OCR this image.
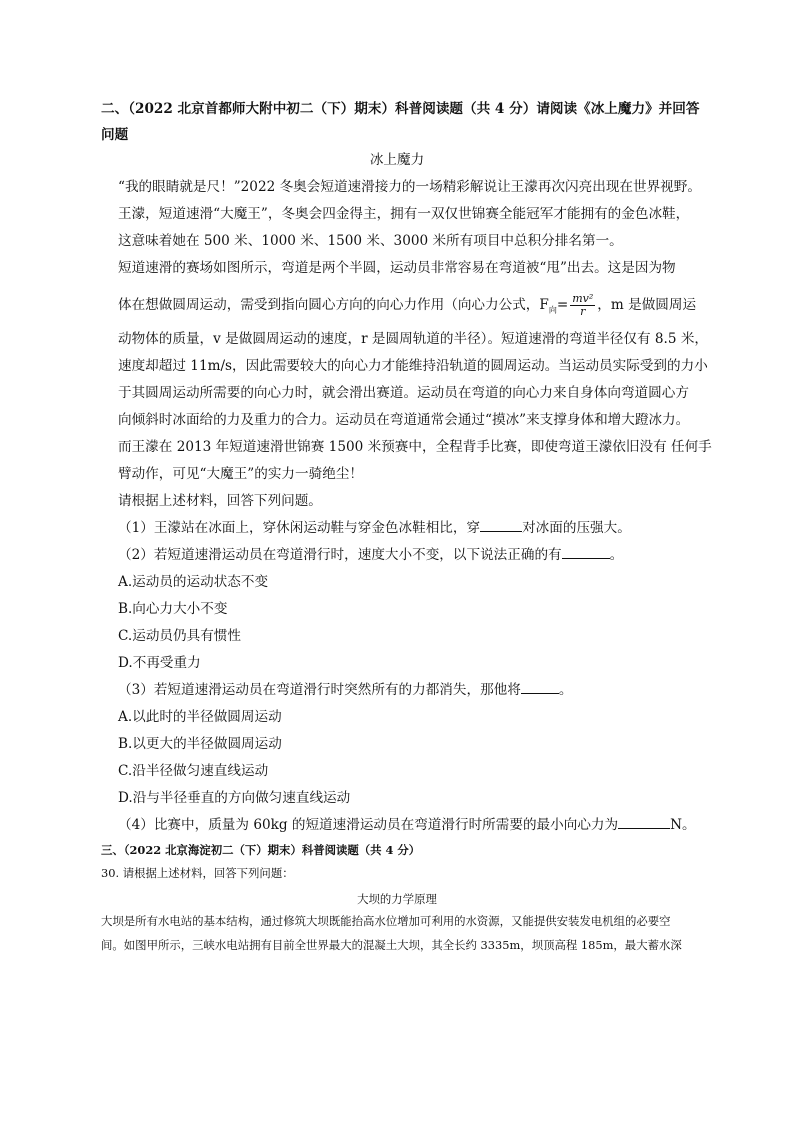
二、（2022 北京首都师大附中初二（下）期末）科普阅读题（共 4 分）请阅读《冰上魔力》并回答
问题
冰上魔力
“我的眼睛就是尺！”2022 冬奥会短道速滑接力的一场精彩解说让王濛再次闪亮出现在世界视野。
王濛，短道速滑“大魔王”，冬奥会四金得主，拥有一双仅世锦赛全能冠军才能拥有的金色冰鞋，
这意味着她在 500 米、1000 米、1500 米、3000 米所有项目中总积分排名第一。
短道速滑的赛场如图所示，弯道是两个半圆，运动员非常容易在弯道被“甩”出去。这是因为物
体在想做圆周运动，需受到指向圆心方向的向心力作用（向心力公式，$F_向= \frac{\text{mv²}}{r}$ ，m 是做圆周运
动物体的质量，v 是做圆周运动的速度，r 是圆周轨道的半径）。短道速滑的弯道半径仅有 8.5 米，
速度却超过 11m/s，因此需要较大的向心力才能维持沿轨道的圆周运动。当运动员实际受到的力小
于其圆周运动所需要的向心力时，就会滑出赛道。运动员在弯道的向心力来自身体向弯道圆心方
向倾斜时冰面给的力及重力的合力。运动员在弯道通常会通过“摸冰”来支撑身体和增大蹬冰力。
而王濛在 2013 年短道速滑世锦赛 1500 米预赛中，全程背手比赛，即使弯道王濛依旧没有 任何手
臂动作，可见“大魔王”的实力一骑绝尘！
请根据上述材料，回答下列问题。
（1）王濛站在冰面上，穿休闲运动鞋与穿金色冰鞋相比，穿	对冰面的压强大。
（2）若短道速滑运动员在弯道滑行时，速度大小不变，以下说法正确的有	。
A.运动员的运动状态不变
B.向心力大小不变
C.运动员仍具有惯性
D.不再受重力
（3）若短道速滑运动员在弯道滑行时突然所有的力都消失，那他将	。
A.以此时的半径做圆周运动
B.以更大的半径做圆周运动
C.沿半径做匀速直线运动
D.沿与半径垂直的方向做匀速直线运动
（4）比赛中，质量为 60kg 的短道速滑运动员在弯道滑行时所需要的最小向心力为	N。
三、（2022 北京海淀初二（下）期末）科普阅读题（共 4 分）
30. 请根据上述材料，回答下列问题：
大坝的力学原理
大坝是所有水电站的基本结构，通过修筑大坝既能抬高水位增加可利用的水资源，又能提供安装发电机组的必要空
间。如图甲所示，三峡水电站拥有目前全世界最大的混凝土大坝，其全长约 3335m，坝顶高程 185m，最大蓄水深
